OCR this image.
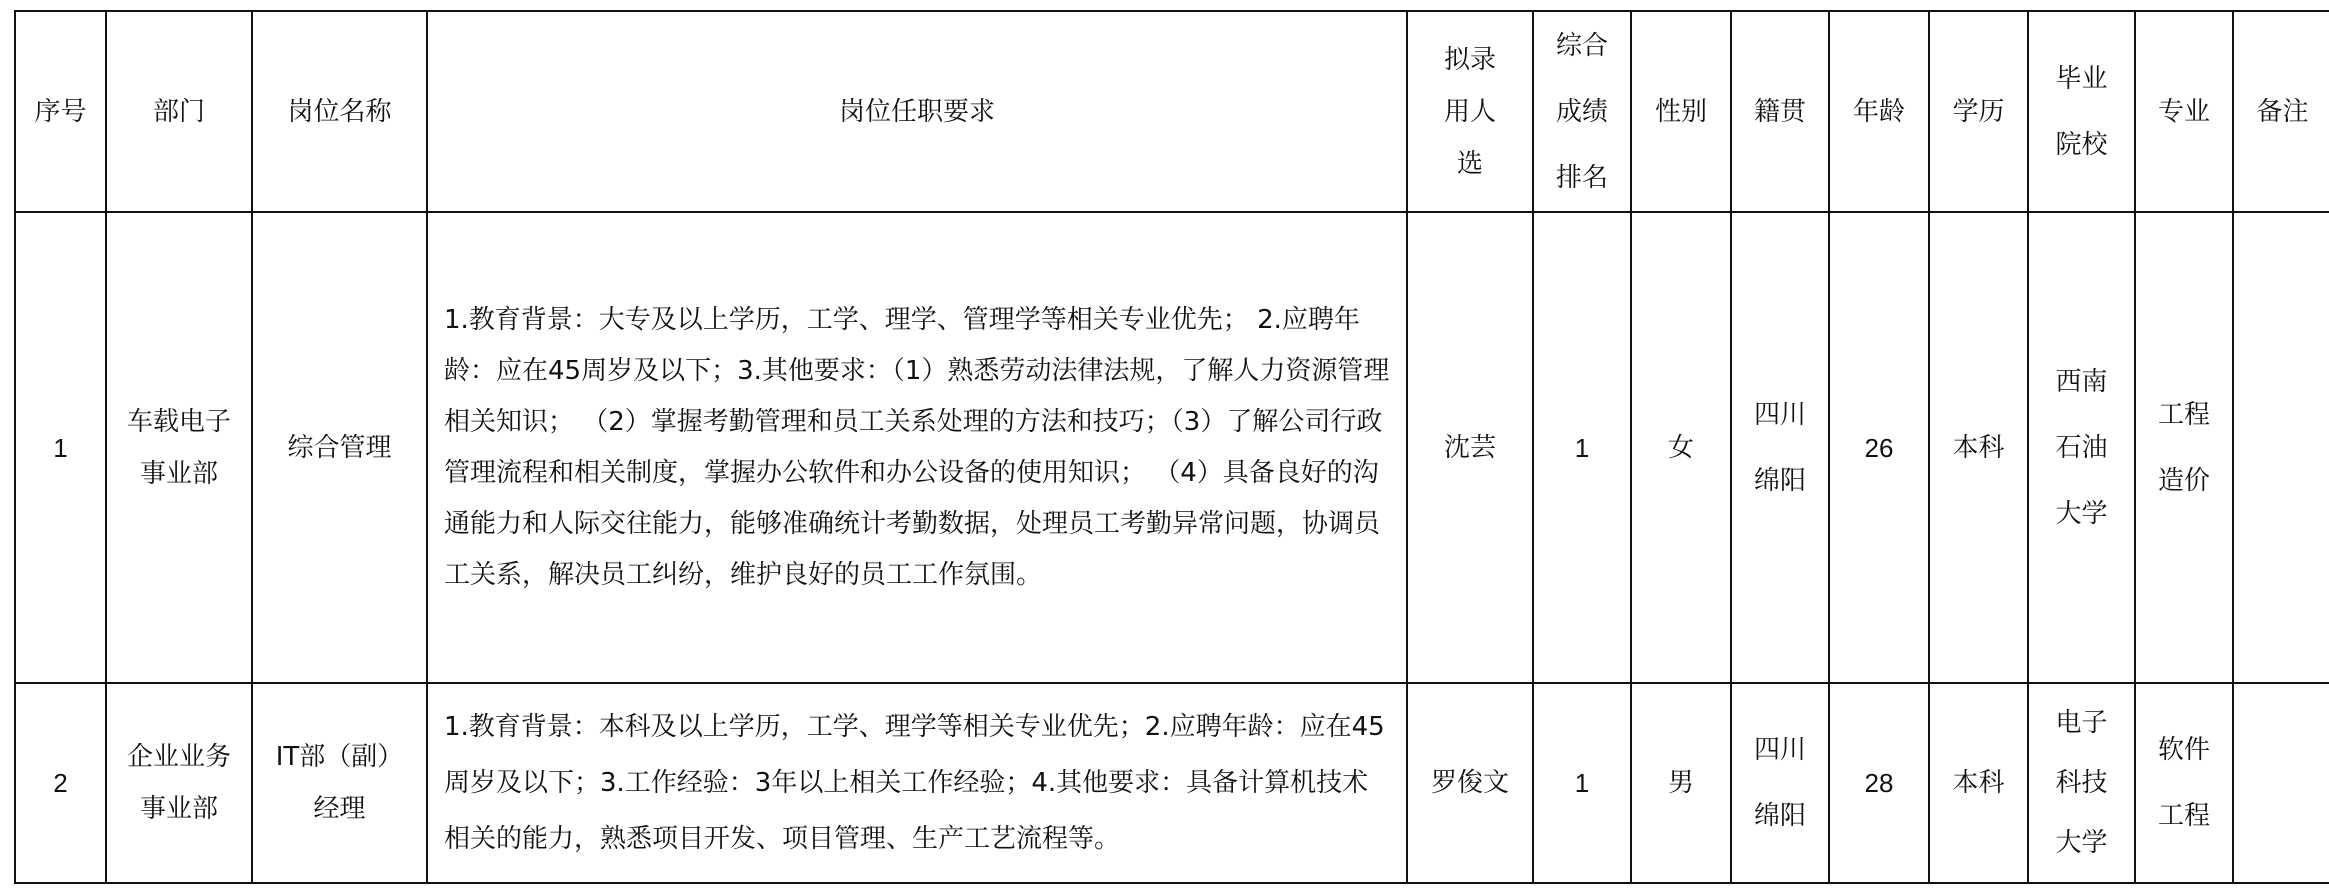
序号	部门	岗位名称	岗位任职要求	拟录用人选	综合成绩排名	性别	籍贯	年龄	学历	毕业院校	专业	备注
1	车载电子事业部	综合管理	1.教育背景：大专及以上学历，工学、理学、管理学等相关专业优先； 2.应聘年龄：应在45周岁及以下；3.其他要求：（1）熟悉劳动法律法规，了解人力资源管理相关知识； （2）掌握考勤管理和员工关系处理的方法和技巧；（3）了解公司行政管理流程和相关制度，掌握办公软件和办公设备的使用知识； （4）具备良好的沟通能力和人际交往能力，能够准确统计考勤数据，处理员工考勤异常问题，协调员工关系，解决员工纠纷，维护良好的员工工作氛围。	沈芸	1	女	四川绵阳	26	本科	西南石油大学	工程造价	
2	企业业务事业部	IT部（副）经理	1.教育背景：本科及以上学历，工学、理学等相关专业优先；2.应聘年龄：应在45周岁及以下；3.工作经验：3年以上相关工作经验；4.其他要求：具备计算机技术相关的能力，熟悉项目开发、项目管理、生产工艺流程等。	罗俊文	1	男	四川绵阳	28	本科	电子科技大学	软件工程	
